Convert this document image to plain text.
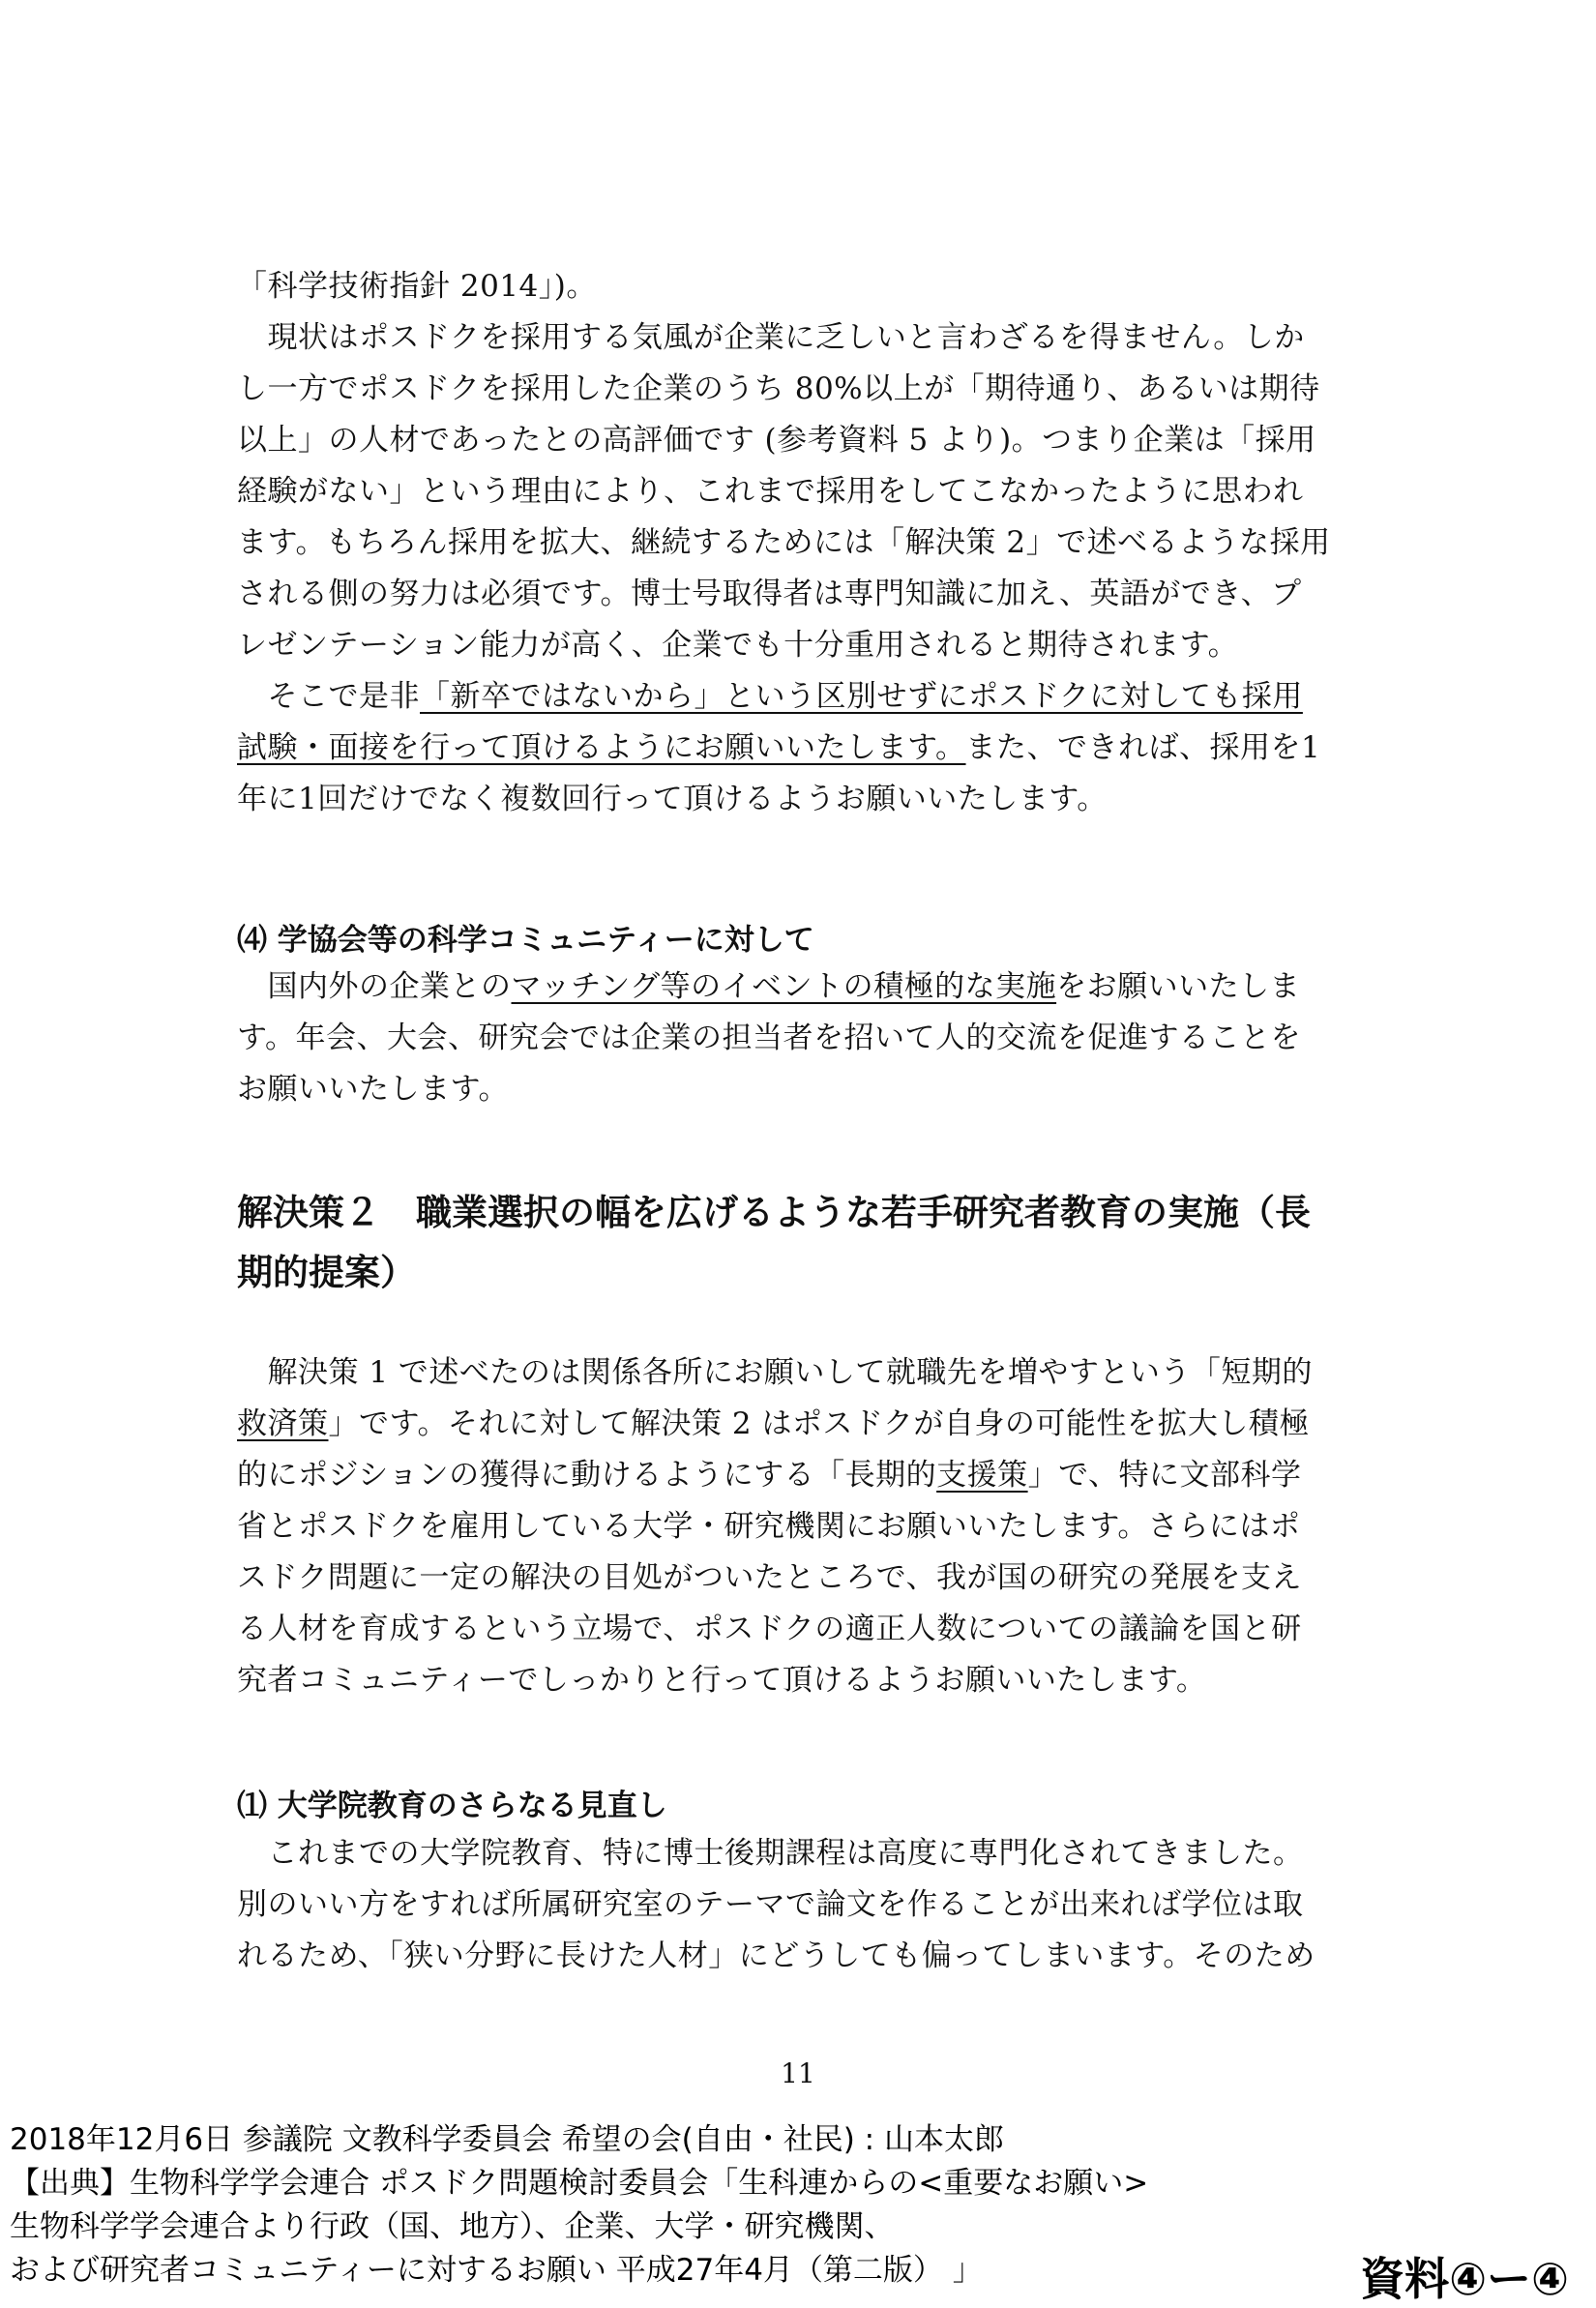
「科学技術指針 2014」)。
　現状はポスドクを採用する気風が企業に乏しいと言わざるを得ません。しか
し一方でポスドクを採用した企業のうち 80%以上が「期待通り、あるいは期待
以上」の人材であったとの高評価です (参考資料 5 より)。つまり企業は「採用
経験がない」という理由により、これまで採用をしてこなかったように思われ
ます。もちろん採用を拡大、継続するためには「解決策 2」で述べるような採用
される側の努力は必須です。博士号取得者は専門知識に加え、英語ができ、プ
レゼンテーション能力が高く、企業でも十分重用されると期待されます。
　そこで是非「新卒ではないから」という区別せずにポスドクに対しても採用
試験・面接を行って頂けるようにお願いいたします。また、できれば、採用を1
年に1回だけでなく複数回行って頂けるようお願いいたします。
⑷ 学協会等の科学コミュニティーに対して
　国内外の企業とのマッチング等のイベントの積極的な実施をお願いいたしま
す。年会、大会、研究会では企業の担当者を招いて人的交流を促進することを
お願いいたします。
解決策２　職業選択の幅を広げるような若手研究者教育の実施（長
期的提案）
　解決策 1 で述べたのは関係各所にお願いして就職先を増やすという「短期的
救済策」です。それに対して解決策 2 はポスドクが自身の可能性を拡大し積極
的にポジションの獲得に動けるようにする「長期的支援策」で、特に文部科学
省とポスドクを雇用している大学・研究機関にお願いいたします。さらにはポ
スドク問題に一定の解決の目処がついたところで、我が国の研究の発展を支え
る人材を育成するという立場で、ポスドクの適正人数についての議論を国と研
究者コミュニティーでしっかりと行って頂けるようお願いいたします。
⑴ 大学院教育のさらなる見直し
　これまでの大学院教育、特に博士後期課程は高度に専門化されてきました。
別のいい方をすれば所属研究室のテーマで論文を作ることが出来れば学位は取
れるため、「狭い分野に長けた人材」にどうしても偏ってしまいます。そのため
11
2018年12月6日 参議院 文教科学委員会 希望の会(自由・社民) : 山本太郎
【出典】生物科学学会連合 ポスドク問題検討委員会「生科連からの<重要なお願い>
生物科学学会連合より行政（国、地方）、企業、大学・研究機関、
および研究者コミュニティーに対するお願い 平成27年4月（第二版） 」	資料④ー④
